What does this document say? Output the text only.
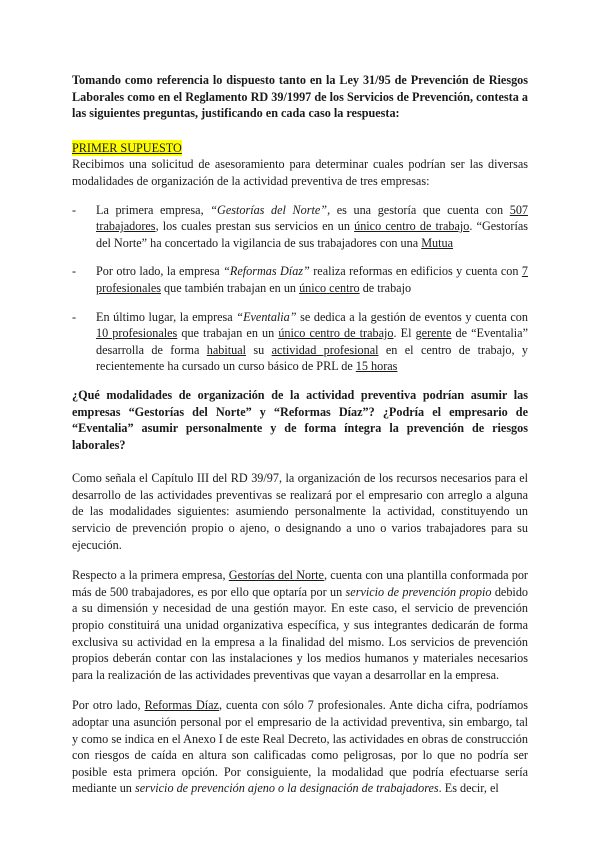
Tomando como referencia lo dispuesto tanto en la Ley 31/95 de Prevención de Riesgos Laborales como en el Reglamento RD 39/1997 de los Servicios de Prevención, contesta a las siguientes preguntas, justificando en cada caso la respuesta:

PRIMER SUPUESTO

Recibimos una solicitud de asesoramiento para determinar cuales podrían ser las diversas modalidades de organización de la actividad preventiva de tres empresas:

- La primera empresa, “Gestorías del Norte”, es una gestoría que cuenta con 507 trabajadores, los cuales prestan sus servicios en un único centro de trabajo. “Gestorías del Norte” ha concertado la vigilancia de sus trabajadores con una Mutua
- Por otro lado, la empresa “Reformas Díaz” realiza reformas en edificios y cuenta con 7 profesionales que también trabajan en un único centro de trabajo
- En último lugar, la empresa “Eventalia” se dedica a la gestión de eventos y cuenta con 10 profesionales que trabajan en un único centro de trabajo. El gerente de “Eventalia” desarrolla de forma habitual su actividad profesional en el centro de trabajo, y recientemente ha cursado un curso básico de PRL de 15 horas

¿Qué modalidades de organización de la actividad preventiva podrían asumir las empresas “Gestorías del Norte” y “Reformas Díaz”? ¿Podría el empresario de “Eventalia” asumir personalmente y de forma íntegra la prevención de riesgos laborales?

Como señala el Capítulo III del RD 39/97, la organización de los recursos necesarios para el desarrollo de las actividades preventivas se realizará por el empresario con arreglo a alguna de las modalidades siguientes: asumiendo personalmente la actividad, constituyendo un servicio de prevención propio o ajeno, o designando a uno o varios trabajadores para su ejecución.

Respecto a la primera empresa, Gestorías del Norte, cuenta con una plantilla conformada por más de 500 trabajadores, es por ello que optaría por un servicio de prevención propio debido a su dimensión y necesidad de una gestión mayor. En este caso, el servicio de prevención propio constituirá una unidad organizativa específica, y sus integrantes dedicarán de forma exclusiva su actividad en la empresa a la finalidad del mismo. Los servicios de prevención propios deberán contar con las instalaciones y los medios humanos y materiales necesarios para la realización de las actividades preventivas que vayan a desarrollar en la empresa.

Por otro lado, Reformas Díaz, cuenta con sólo 7 profesionales. Ante dicha cifra, podríamos adoptar una asunción personal por el empresario de la actividad preventiva, sin embargo, tal y como se indica en el Anexo I de este Real Decreto, las actividades en obras de construcción con riesgos de caída en altura son calificadas como peligrosas, por lo que no podría ser posible esta primera opción. Por consiguiente, la modalidad que podría efectuarse sería mediante un servicio de prevención ajeno o la designación de trabajadores. Es decir, el
